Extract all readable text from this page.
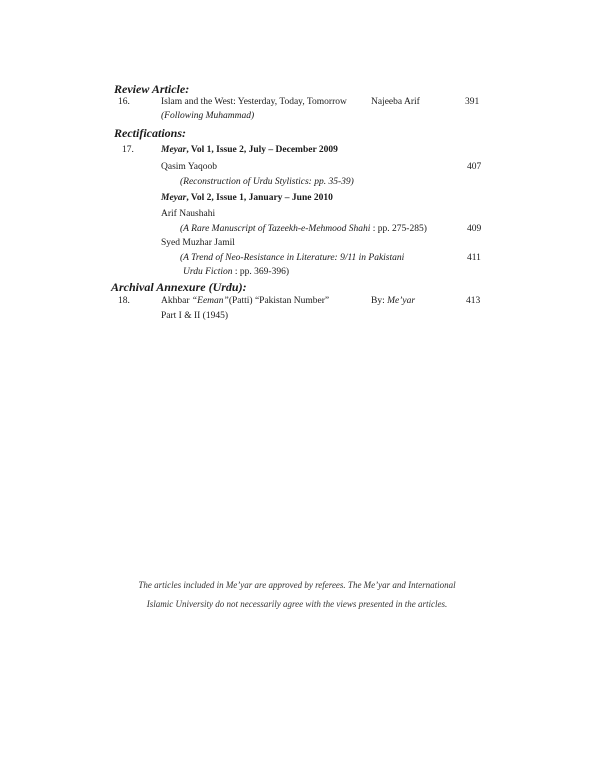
Review Article:
16.	Islam and the West: Yesterday, Today, Tomorrow	Najeeba Arif	391
(Following Muhammad)
Rectifications:
17.	Meyar, Vol 1, Issue 2, July – December 2009
Qasim Yaqoob	407
(Reconstruction of Urdu Stylistics: pp. 35-39)
Meyar, Vol 2, Issue 1, January – June 2010
Arif Naushahi
(A Rare Manuscript of Tazeekh-e-Mehmood Shahi : pp. 275-285)	409
Syed Muzhar Jamil
(A Trend of Neo-Resistance in Literature: 9/11 in Pakistani	411
Urdu Fiction : pp. 369-396)
Archival Annexure (Urdu):
18.	Akhbar “Eeman”(Patti) “Pakistan Number”	By: Me’yar	413
Part I & II (1945)
The articles included in Me’yar are approved by referees. The Me’yar and International
Islamic University do not necessarily agree with the views presented in the articles.
